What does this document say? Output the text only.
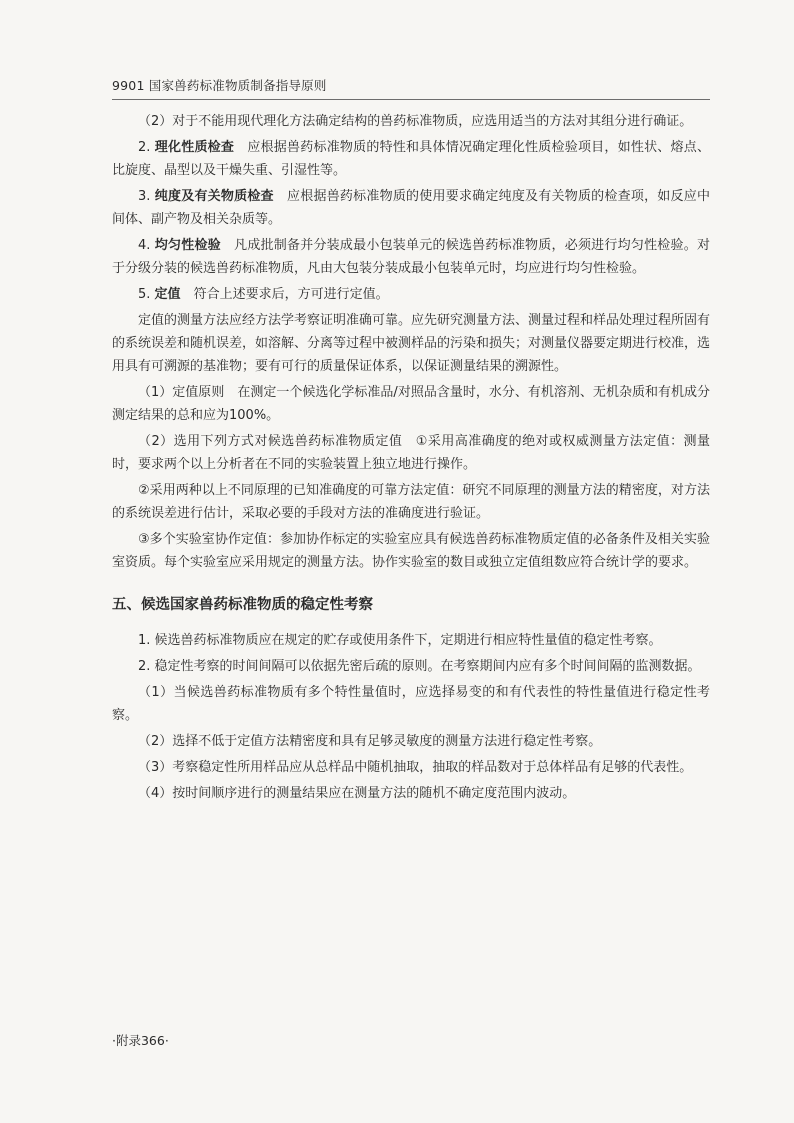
9901 国家兽药标准物质制备指导原则

（2）对于不能用现代理化方法确定结构的兽药标准物质，应选用适当的方法对其组分进行确证。

2. 理化性质检查　应根据兽药标准物质的特性和具体情况确定理化性质检验项目，如性状、熔点、比旋度、晶型以及干燥失重、引湿性等。

3. 纯度及有关物质检查　应根据兽药标准物质的使用要求确定纯度及有关物质的检查项，如反应中间体、副产物及相关杂质等。

4. 均匀性检验　凡成批制备并分装成最小包装单元的候选兽药标准物质，必须进行均匀性检验。对于分级分装的候选兽药标准物质，凡由大包装分装成最小包装单元时，均应进行均匀性检验。

5. 定值　符合上述要求后，方可进行定值。

定值的测量方法应经方法学考察证明准确可靠。应先研究测量方法、测量过程和样品处理过程所固有的系统误差和随机误差，如溶解、分离等过程中被测样品的污染和损失；对测量仪器要定期进行校准，选用具有可溯源的基准物；要有可行的质量保证体系，以保证测量结果的溯源性。

（1）定值原则　在测定一个候选化学标准品/对照品含量时，水分、有机溶剂、无机杂质和有机成分测定结果的总和应为100%。

（2）选用下列方式对候选兽药标准物质定值　①采用高准确度的绝对或权威测量方法定值：测量时，要求两个以上分析者在不同的实验装置上独立地进行操作。

②采用两种以上不同原理的已知准确度的可靠方法定值：研究不同原理的测量方法的精密度，对方法的系统误差进行估计，采取必要的手段对方法的准确度进行验证。

③多个实验室协作定值：参加协作标定的实验室应具有候选兽药标准物质定值的必备条件及相关实验室资质。每个实验室应采用规定的测量方法。协作实验室的数目或独立定值组数应符合统计学的要求。

五、候选国家兽药标准物质的稳定性考察

1. 候选兽药标准物质应在规定的贮存或使用条件下，定期进行相应特性量值的稳定性考察。

2. 稳定性考察的时间间隔可以依据先密后疏的原则。在考察期间内应有多个时间间隔的监测数据。

（1）当候选兽药标准物质有多个特性量值时，应选择易变的和有代表性的特性量值进行稳定性考察。

（2）选择不低于定值方法精密度和具有足够灵敏度的测量方法进行稳定性考察。

（3）考察稳定性所用样品应从总样品中随机抽取，抽取的样品数对于总体样品有足够的代表性。

（4）按时间顺序进行的测量结果应在测量方法的随机不确定度范围内波动。

·附录366·
